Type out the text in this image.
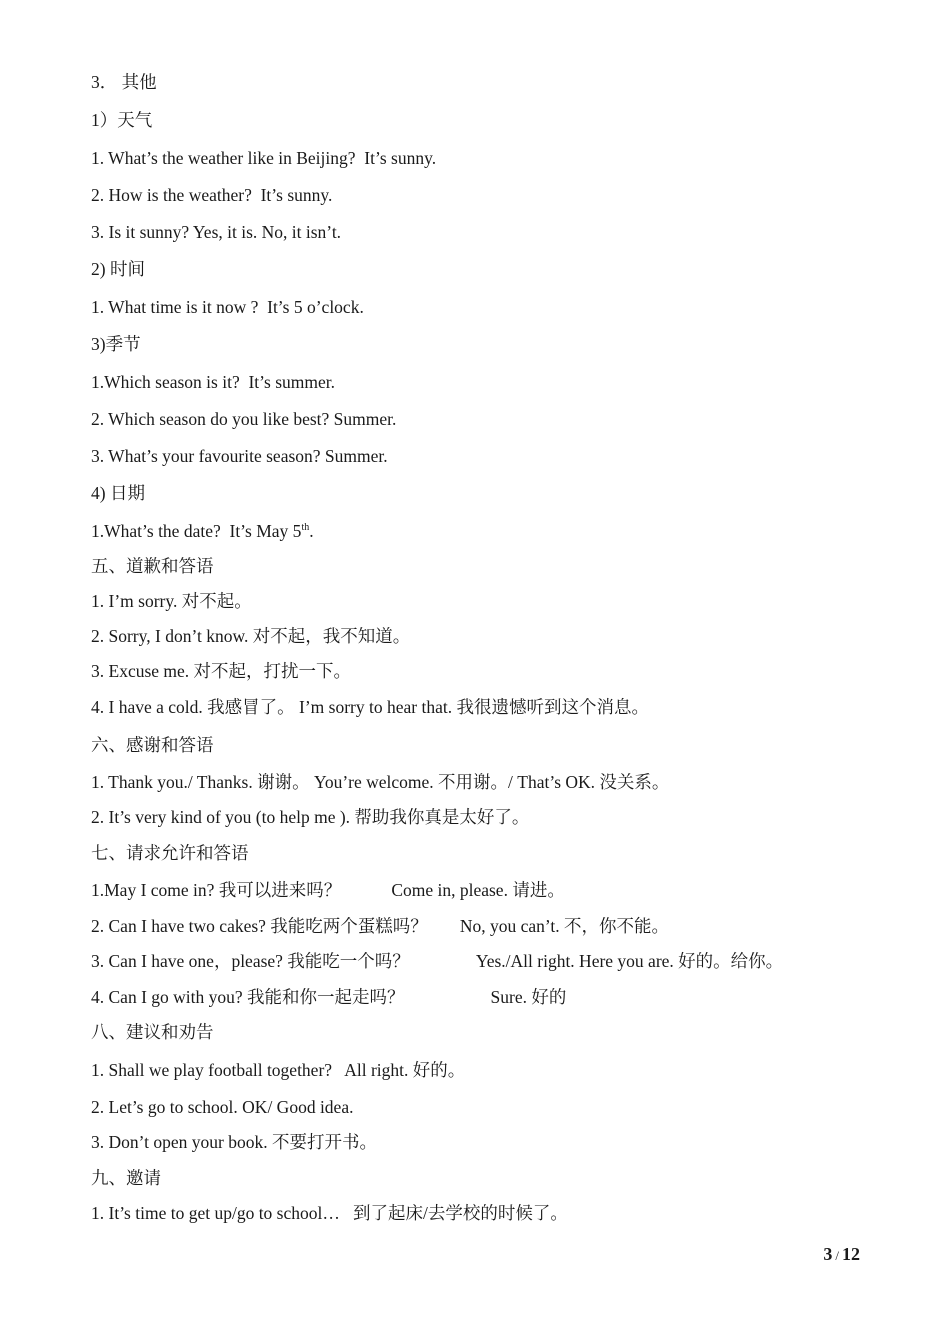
3． 其他
1）天气
1. What’s the weather like in Beijing?  It’s sunny.
2. How is the weather?  It’s sunny.
3. Is it sunny? Yes, it is. No, it isn’t.
2) 时间
1. What time is it now ?  It’s 5 o’clock.
3)季节
1.Which season is it?  It’s summer.
2. Which season do you like best? Summer.
3. What’s your favourite season? Summer.
4) 日期
1.What’s the date?  It’s May 5th.
五、道歉和答语
1. I’m sorry. 对不起。
2. Sorry, I don’t know. 对不起，我不知道。
3. Excuse me. 对不起，打扰一下。
4. I have a cold. 我感冒了。 I’m sorry to hear that. 我很遗憾听到这个消息。
六、感谢和答语
1. Thank you./ Thanks. 谢谢。 You’re welcome. 不用谢。/ That’s OK. 没关系。
2. It’s very kind of you (to help me ). 帮助我你真是太好了。
七、请求允许和答语
1.May I come in? 我可以进来吗？	Come in, please. 请进。
2. Can I have two cakes? 我能吃两个蛋糕吗？ No, you can’t. 不，你不能。
3. Can I have one，please? 我能吃一个吗？	Yes./All right. Here you are. 好的。给你。
4. Can I go with you? 我能和你一起走吗？	Sure. 好的
八、建议和劝告
1. Shall we play football together?   All right. 好的。
2. Let’s go to school. OK/ Good idea.
3. Don’t open your book. 不要打开书。
九、邀请
1. It’s time to get up/go to school…   到了起床/去学校的时候了。
3 / 12
